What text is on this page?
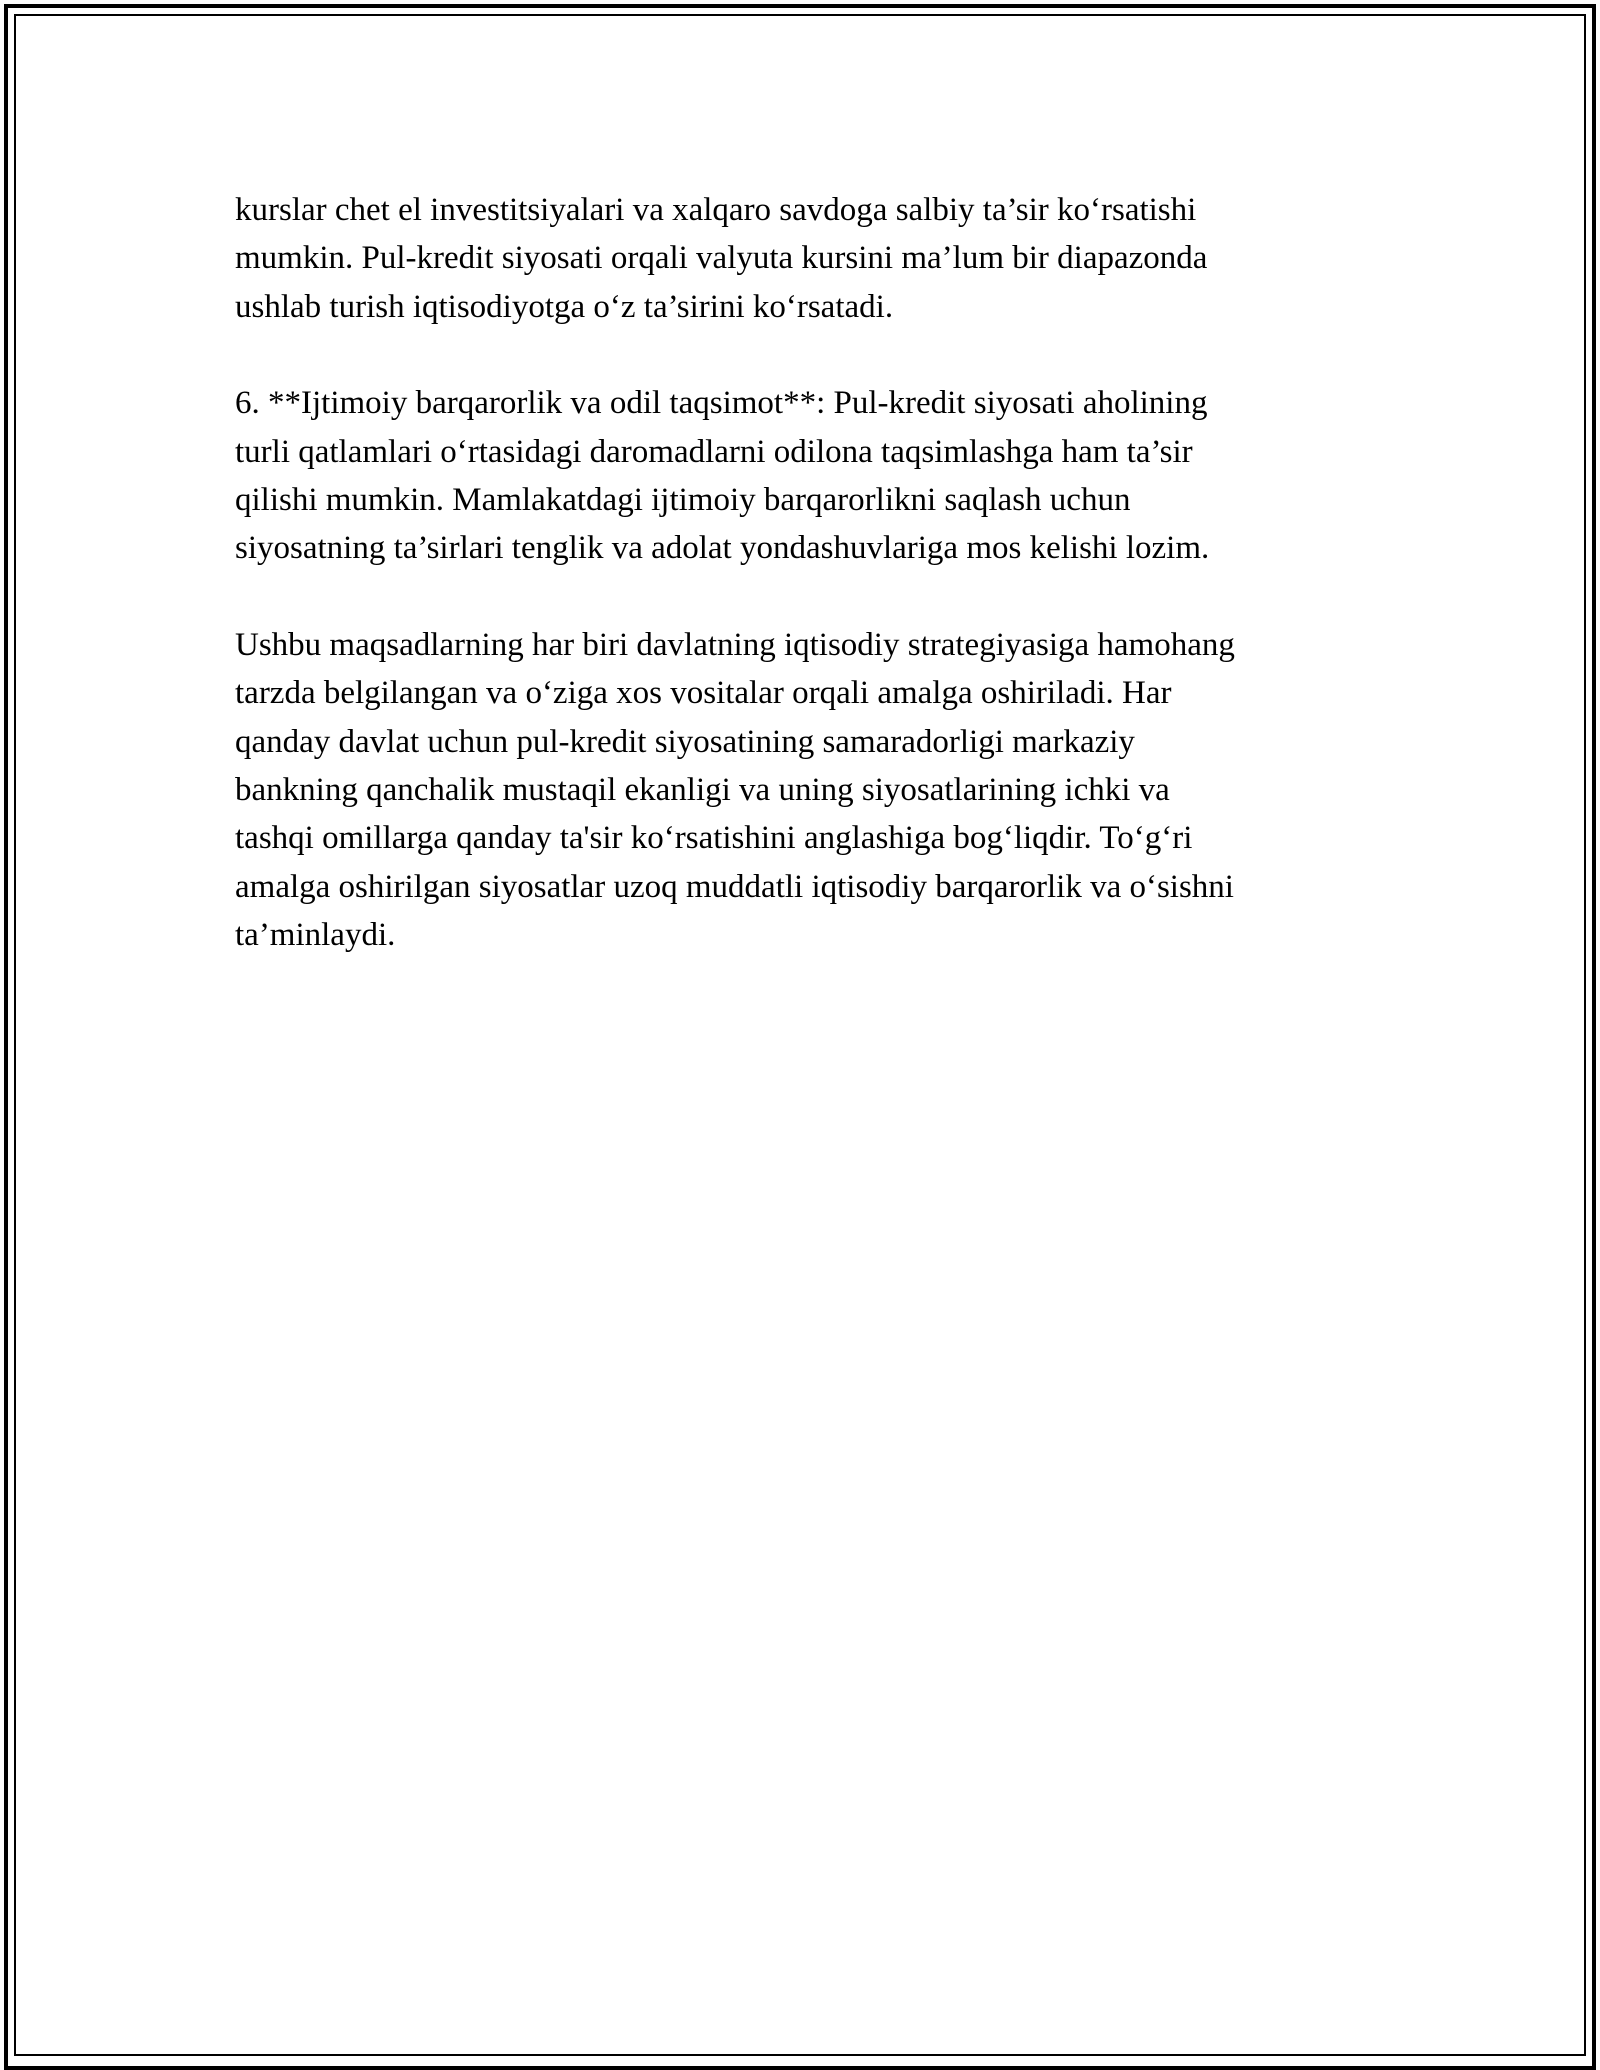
kurslar chet el investitsiyalari va xalqaro savdoga salbiy ta’sir ko‘rsatishi
mumkin. Pul-kredit siyosati orqali valyuta kursini ma’lum bir diapazonda
ushlab turish iqtisodiyotga o‘z ta’sirini ko‘rsatadi.

6. **Ijtimoiy barqarorlik va odil taqsimot**: Pul-kredit siyosati aholining
turli qatlamlari o‘rtasidagi daromadlarni odilona taqsimlashga ham ta’sir
qilishi mumkin. Mamlakatdagi ijtimoiy barqarorlikni saqlash uchun
siyosatning ta’sirlari tenglik va adolat yondashuvlariga mos kelishi lozim.

Ushbu maqsadlarning har biri davlatning iqtisodiy strategiyasiga hamohang
tarzda belgilangan va o‘ziga xos vositalar orqali amalga oshiriladi. Har
qanday davlat uchun pul-kredit siyosatining samaradorligi markaziy
bankning qanchalik mustaqil ekanligi va uning siyosatlarining ichki va
tashqi omillarga qanday ta'sir ko‘rsatishini anglashiga bog‘liqdir. To‘g‘ri
amalga oshirilgan siyosatlar uzoq muddatli iqtisodiy barqarorlik va o‘sishni
ta’minlaydi.
